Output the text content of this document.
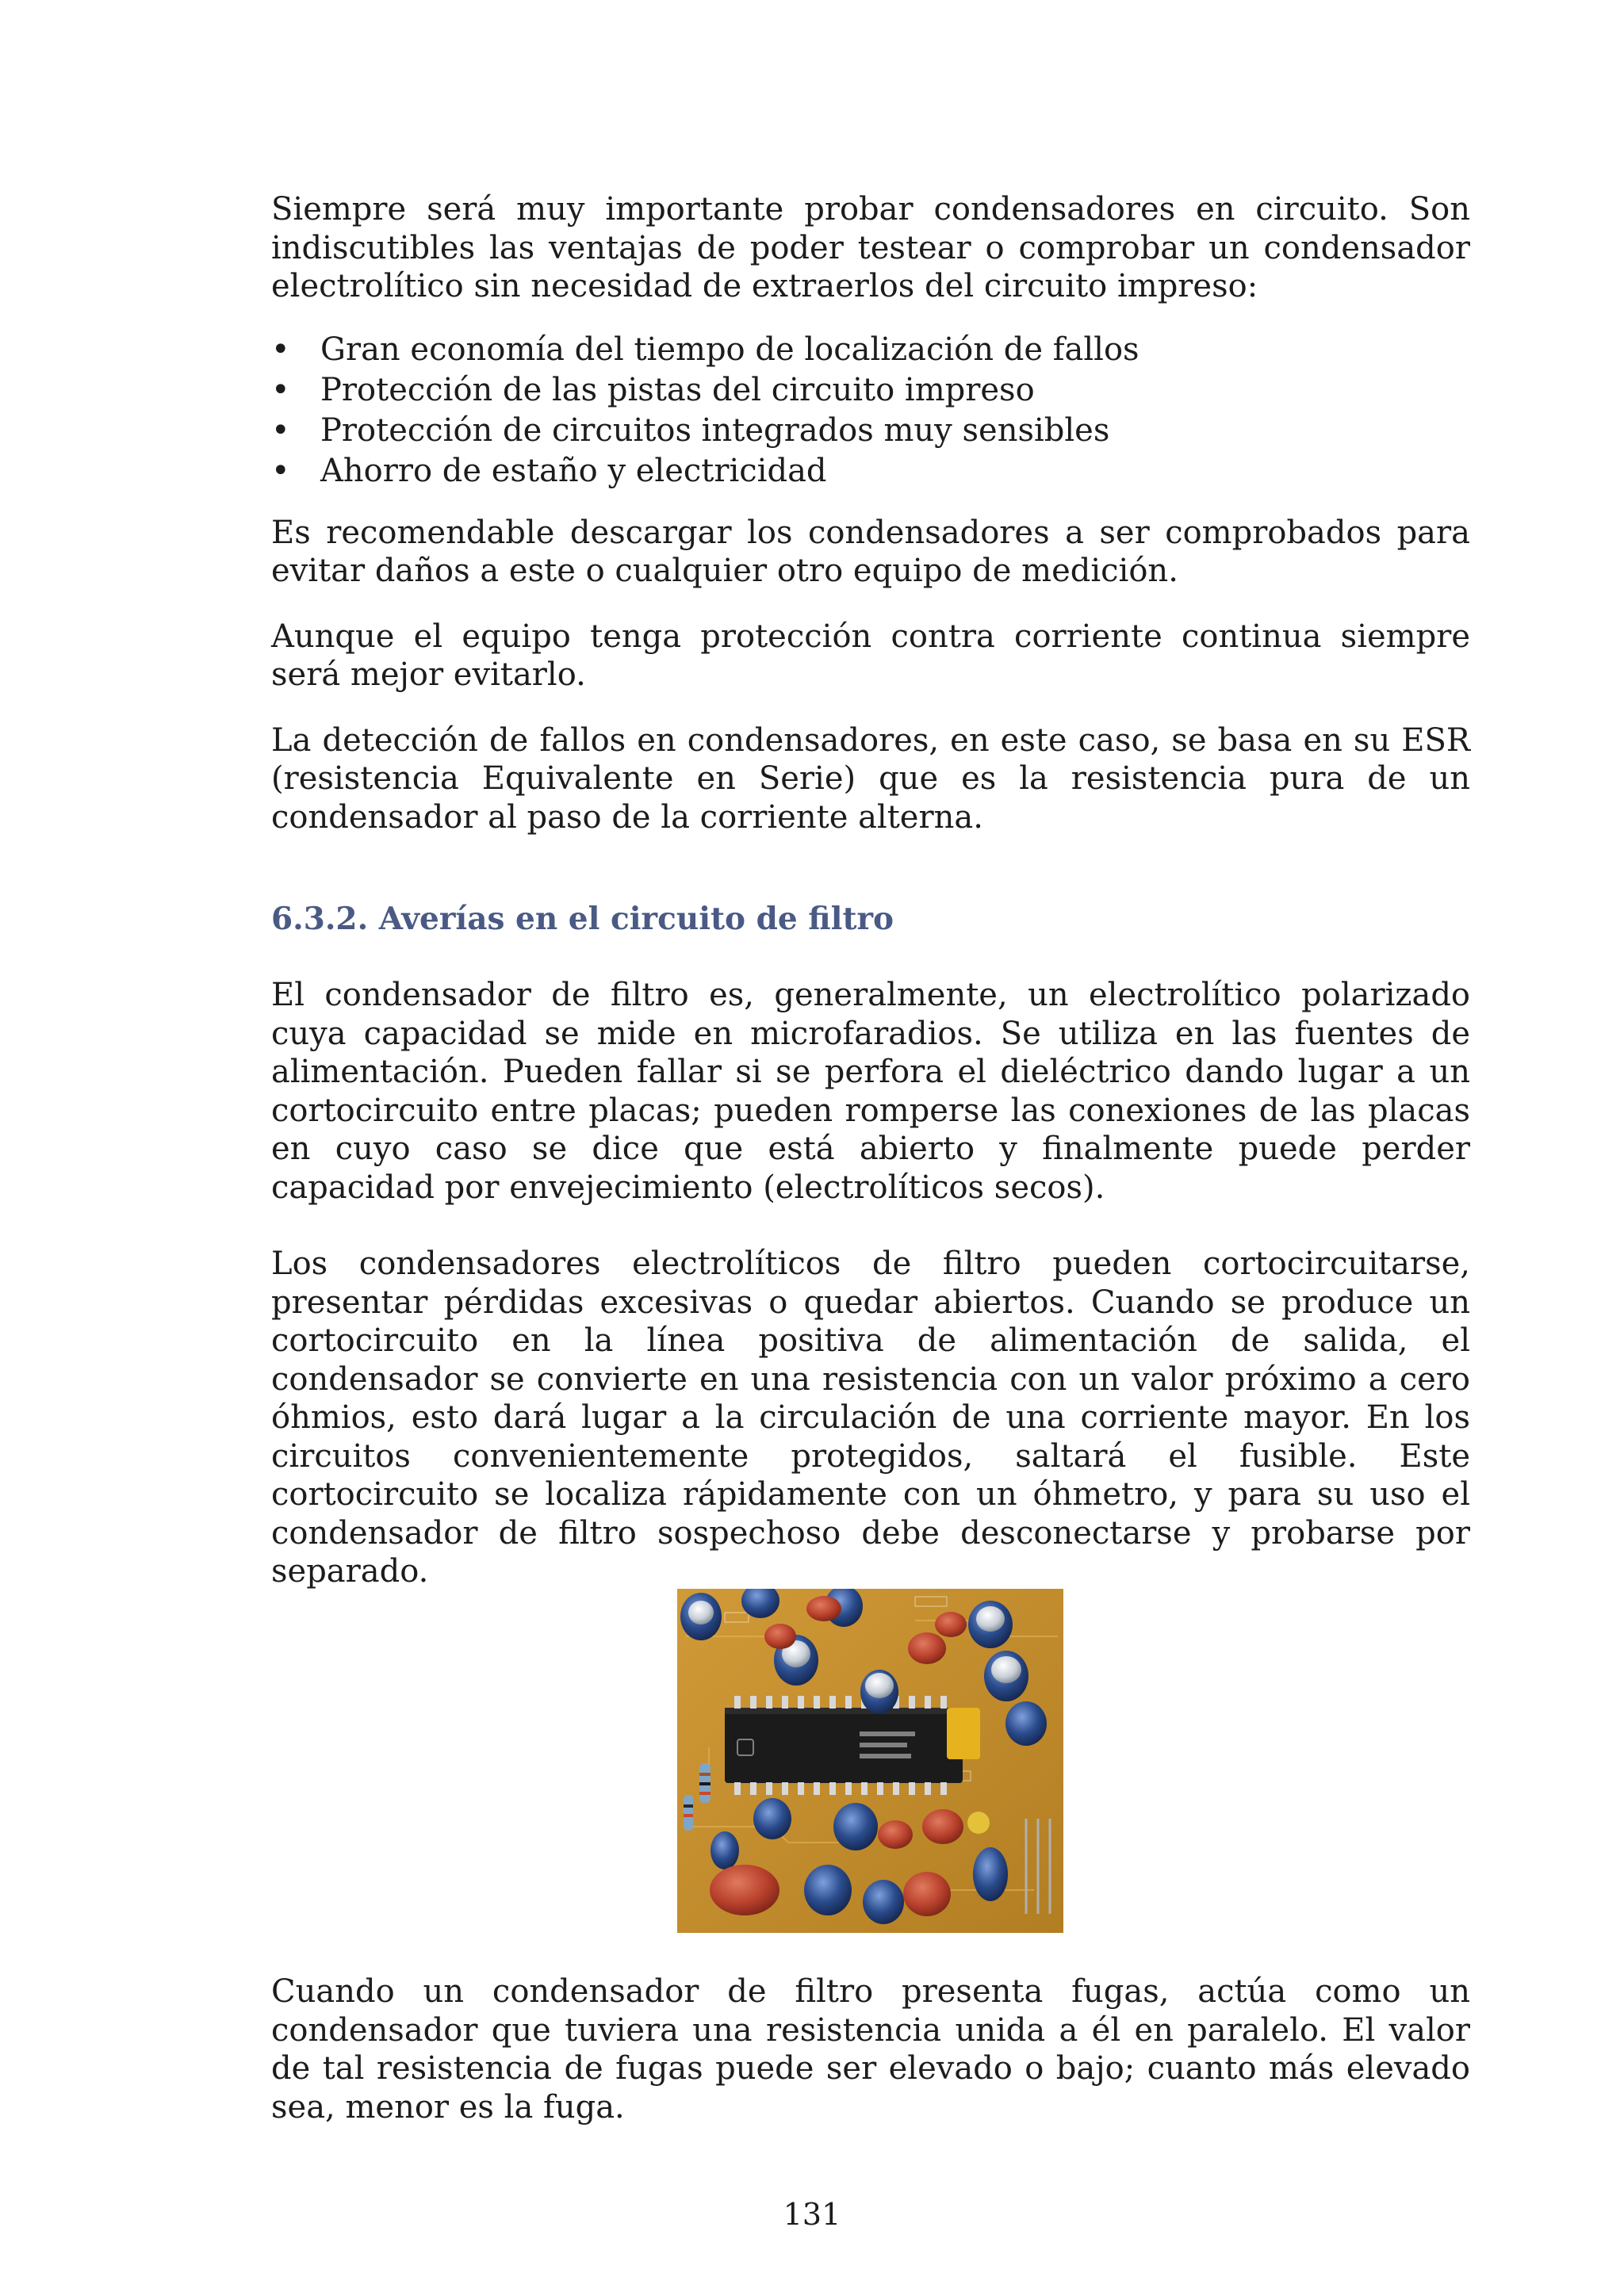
Siempre será muy importante probar condensadores en circuito. Son indiscutibles las ventajas de poder testear o comprobar un condensador electrolítico sin necesidad de extraerlos del circuito impreso:

• Gran economía del tiempo de localización de fallos
• Protección de las pistas del circuito impreso
• Protección de circuitos integrados muy sensibles
• Ahorro de estaño y electricidad

Es recomendable descargar los condensadores a ser comprobados para evitar daños a este o cualquier otro equipo de medición.

Aunque el equipo tenga protección contra corriente continua siempre será mejor evitarlo.

La detección de fallos en condensadores, en este caso, se basa en su ESR (resistencia Equivalente en Serie) que es la resistencia pura de un condensador al paso de la corriente alterna.

6.3.2. Averías en el circuito de filtro

El condensador de filtro es, generalmente, un electrolítico polarizado cuya capacidad se mide en microfaradios. Se utiliza en las fuentes de alimentación. Pueden fallar si se perfora el dieléctrico dando lugar a un cortocircuito entre placas; pueden romperse las conexiones de las placas en cuyo caso se dice que está abierto y finalmente puede perder capacidad por envejecimiento (electrolíticos secos).

Los condensadores electrolíticos de filtro pueden cortocircuitarse, presentar pérdidas excesivas o quedar abiertos. Cuando se produce un cortocircuito en la línea positiva de alimentación de salida, el condensador se convierte en una resistencia con un valor próximo a cero óhmios, esto dará lugar a la circulación de una corriente mayor. En los circuitos convenientemente protegidos, saltará el fusible. Este cortocircuito se localiza rápidamente con un óhmetro, y para su uso el condensador de filtro sospechoso debe desconectarse y probarse por separado.

Cuando un condensador de filtro presenta fugas, actúa como un condensador que tuviera una resistencia unida a él en paralelo. El valor de tal resistencia de fugas puede ser elevado o bajo; cuanto más elevado sea, menor es la fuga.

131
